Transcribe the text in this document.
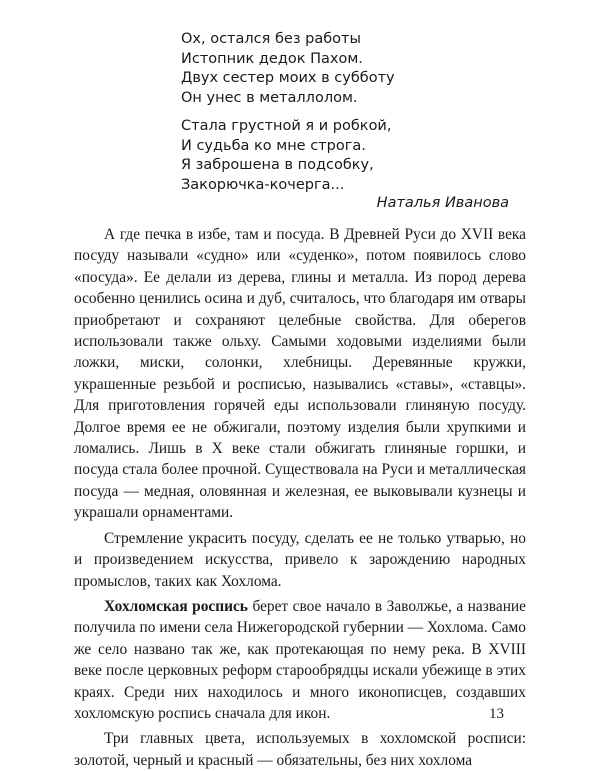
Ох, остался без работы
Истопник дедок Пахом.
Двух сестер моих в субботу
Он унес в металлолом.
Стала грустной я и робкой,
И судьба ко мне строга.
Я заброшена в подсобку,
Закорючка-кочерга...
Наталья Иванова

А где печка в избе, там и посуда. В Древней Руси до XVII века посуду называли «судно» или «суденко», потом появилось слово «посуда». Ее делали из дерева, глины и металла. Из пород дерева особенно ценились осина и дуб, считалось, что благодаря им отвары приобретают и сохраняют целебные свойства. Для оберегов использовали также ольху. Самыми ходовыми изделиями были ложки, миски, солонки, хлебницы. Деревянные кружки, украшенные резьбой и росписью, назывались «ставы», «ставцы». Для приготовления горячей еды использовали глиняную посуду. Долгое время ее не обжигали, поэтому изделия были хрупкими и ломались. Лишь в X веке стали обжигать глиняные горшки, и посуда стала более прочной. Существовала на Руси и металлическая посуда — медная, оловянная и железная, ее выковывали кузнецы и украшали орнаментами.

Стремление украсить посуду, сделать ее не только утварью, но и произведением искусства, привело к зарождению народных промыслов, таких как Хохлома.

Хохломская роспись берет свое начало в Заволжье, а название получила по имени села Нижегородской губернии — Хохлома. Само же село названо так же, как протекающая по нему река. В XVIII веке после церковных реформ старообрядцы искали убежище в этих краях. Среди них находилось и много иконописцев, создавших хохломскую роспись сначала для икон.

Три главных цвета, используемых в хохломской росписи: золотой, черный и красный — обязательны, без них хохлома

13
